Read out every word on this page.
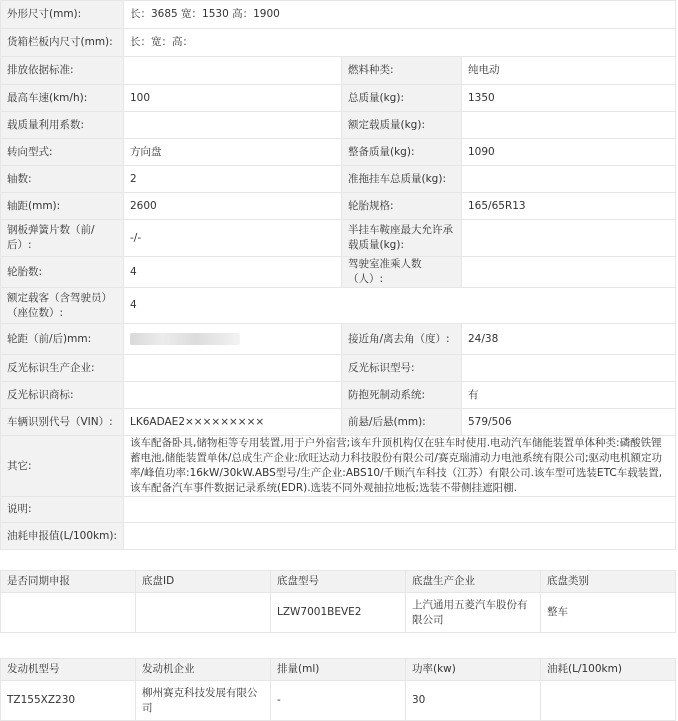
外形尺寸(mm):	长：3685 宽：1530 高：1900		
货箱栏板内尺寸(mm):	长：宽：高：		
排放依据标准:		燃料种类:	纯电动
最高车速(km/h):	100	总质量(kg):	1350
载质量利用系数:		额定载质量(kg):	
转向型式:	方向盘	整备质量(kg):	1090
轴数:	2	准拖挂车总质量(kg):	
轴距(mm):	2600	轮胎规格:	165/65R13
钢板弹簧片数（前/后）:	-/-	半挂车鞍座最大允许承载质量(kg):	
轮胎数:	4	驾驶室准乘人数（人）:	
额定载客（含驾驶员）（座位数）:	4		
轮距（前/后)mm:		接近角/离去角（度）:	24/38
反光标识生产企业:		反光标识型号:	
反光标识商标:		防抱死制动系统:	有
车辆识别代号（VIN）:	LK6ADAE2×××××××××	前悬/后悬(mm):	579/506
其它:	该车配备卧具,储物柜等专用装置,用于户外宿营;该车升顶机构仅在驻车时使用.电动汽车储能装置单体种类:磷酸铁锂蓄电池,储能装置单体/总成生产企业:欣旺达动力科技股份有限公司/赛克瑞浦动力电池系统有限公司;驱动电机额定功率/峰值功率:16kW/30kW.ABS型号/生产企业:ABS10/千顾汽车科技（江苏）有限公司.该车型可选装ETC车载装置,该车配备汽车事件数据记录系统(EDR).选装不同外观抽拉地板;选装不带侧挂遮阳棚.		
说明:			
油耗申报值(L/100km):			
是否同期申报	底盘ID	底盘型号	底盘生产企业	底盘类别
		LZW7001BEVE2	上汽通用五菱汽车股份有限公司	整车
发动机型号	发动机企业	排量(ml)	功率(kw)	油耗(L/100km)
TZ155XZ230	柳州赛克科技发展有限公司	-	30	
